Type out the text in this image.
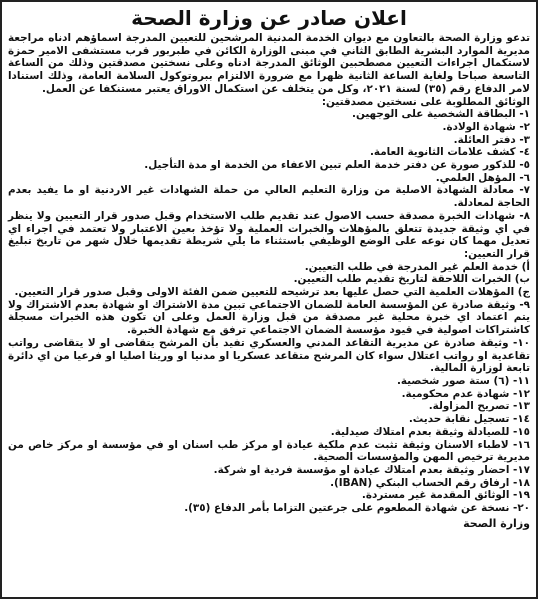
اعلان صادر عن وزارة الصحة

تدعو وزارة الصحة بالتعاون مع ديوان الخدمة المدنية المرشحين للتعيين المدرجة اسماؤهم ادناه مراجعة مديرية الموارد البشرية الطابق الثاني في مبنى الوزارة الكائن في طبربور قرب مستشفى الامير حمزة لاستكمال اجراءات التعيين مصطحبين الوثائق المدرجة ادناه وعلى نسختين مصدقتين وذلك من الساعة التاسعة صباحا ولغاية الساعة الثانية ظهرا مع ضرورة الالتزام ببروتوكول السلامة العامة، وذلك استنادا لامر الدفاع رقم (٣٥) لسنة ٢٠٢١، وكل من يتخلف عن استكمال الاوراق يعتبر مستنكفا عن العمل.

الوثائق المطلوبة على نسختين مصدقتين:

١- البطاقة الشخصية على الوجهين.

٢- شهادة الولادة.

٣- دفتر العائلة.

٤- كشف علامات الثانوية العامة.

٥- للذكور صورة عن دفتر خدمة العلم تبين الاعفاء من الخدمة او مدة التأجيل.

٦- المؤهل العلمي.

٧- معادلة الشهادة الاصلية من وزارة التعليم العالي من حملة الشهادات غير الاردنية او ما يفيد بعدم الحاجة لمعادلة.

٨- شهادات الخبرة مصدقة حسب الاصول عند تقديم طلب الاستخدام وقبل صدور قرار التعيين ولا ينظر في اي وثيقة جديدة تتعلق بالمؤهلات والخبرات العملية ولا تؤخذ بعين الاعتبار ولا تعتمد في اجراء اي تعديل مهما كان نوعه على الوضع الوظيفي باستثناء ما يلي شريطة تقديمها خلال شهر من تاريخ تبليغ قرار التعيين:

أ) خدمة العلم غير المدرجة في طلب التعيين.

ب) الخبرات اللاحقة لتاريخ تقديم طلب التعيين.

ج) المؤهلات العلمية التي حصل عليها بعد ترشيحه للتعيين ضمن الفئة الاولى وقبل صدور قرار التعيين.

٩- وثيقة صادرة عن المؤسسة العامة للضمان الاجتماعي تبين مدة الاشتراك او شهادة بعدم الاشتراك ولا يتم اعتماد اي خبرة محلية غير مصدقة من قبل وزارة العمل وعلى ان تكون هذه الخبرات مسجلة كاشتراكات اصولية في قيود مؤسسة الضمان الاجتماعي ترفق مع شهادة الخبرة.

١٠- وثيقة صادرة عن مديرية التقاعد المدني والعسكري تفيد بأن المرشح يتقاضى او لا يتقاضى رواتب تقاعدية او رواتب اعتلال سواء كان المرشح متقاعد عسكريا او مدنيا او وريثا اصليا او فرعيا من اي دائرة تابعة لوزارة المالية.

١١- (٦) ستة صور شخصية.

١٢- شهادة عدم محكومية.

١٣- تصريح المزاولة.

١٤- تسجيل نقابة حديث.

١٥- للصيادلة وثيقة بعدم امتلاك صيدلية.

١٦- لاطباء الاسنان وثيقة تثبت عدم ملكية عيادة او مركز طب اسنان او في مؤسسة او مركز خاص من مديرية ترخيص المهن والمؤسسات الصحية.

١٧- احضار وثيقة بعدم امتلاك عيادة او مؤسسة فردية او شركة.

١٨- ارفاق رقم الحساب البنكي (IBAN).

١٩- الوثائق المقدمة غير مستردة.

٢٠- نسخة عن شهادة المطعوم على جرعتين التزاما بأمر الدفاع (٣٥).

وزارة الصحة
